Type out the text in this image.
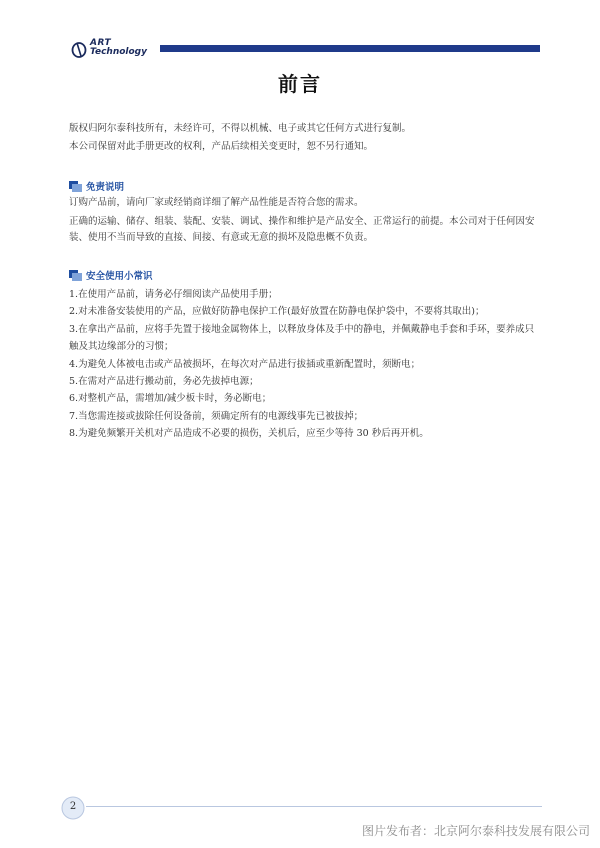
ART
Technology
前言

版权归阿尔泰科技所有，未经许可，不得以机械、电子或其它任何方式进行复制。

本公司保留对此手册更改的权利，产品后续相关变更时，恕不另行通知。

免责说明

订购产品前，请向厂家或经销商详细了解产品性能是否符合您的需求。

正确的运输、储存、组装、装配、安装、调试、操作和维护是产品安全、正常运行的前提。本公司对于任何因安装、使用不当而导致的直接、间接、有意或无意的损坏及隐患概不负责。

安全使用小常识
1.在使用产品前，请务必仔细阅读产品使用手册；
2.对未准备安装使用的产品，应做好防静电保护工作(最好放置在防静电保护袋中，不要将其取出)；
3.在拿出产品前，应将手先置于接地金属物体上，以释放身体及手中的静电，并佩戴静电手套和手环，要养成只触及其边缘部分的习惯；
4.为避免人体被电击或产品被损坏，在每次对产品进行拔插或重新配置时，须断电；
5.在需对产品进行搬动前，务必先拔掉电源；
6.对整机产品，需增加/减少板卡时，务必断电；
7.当您需连接或拔除任何设备前，须确定所有的电源线事先已被拔掉；
8.为避免频繁开关机对产品造成不必要的损伤，关机后，应至少等待 30 秒后再开机。
2
图片发布者：北京阿尔泰科技发展有限公司
